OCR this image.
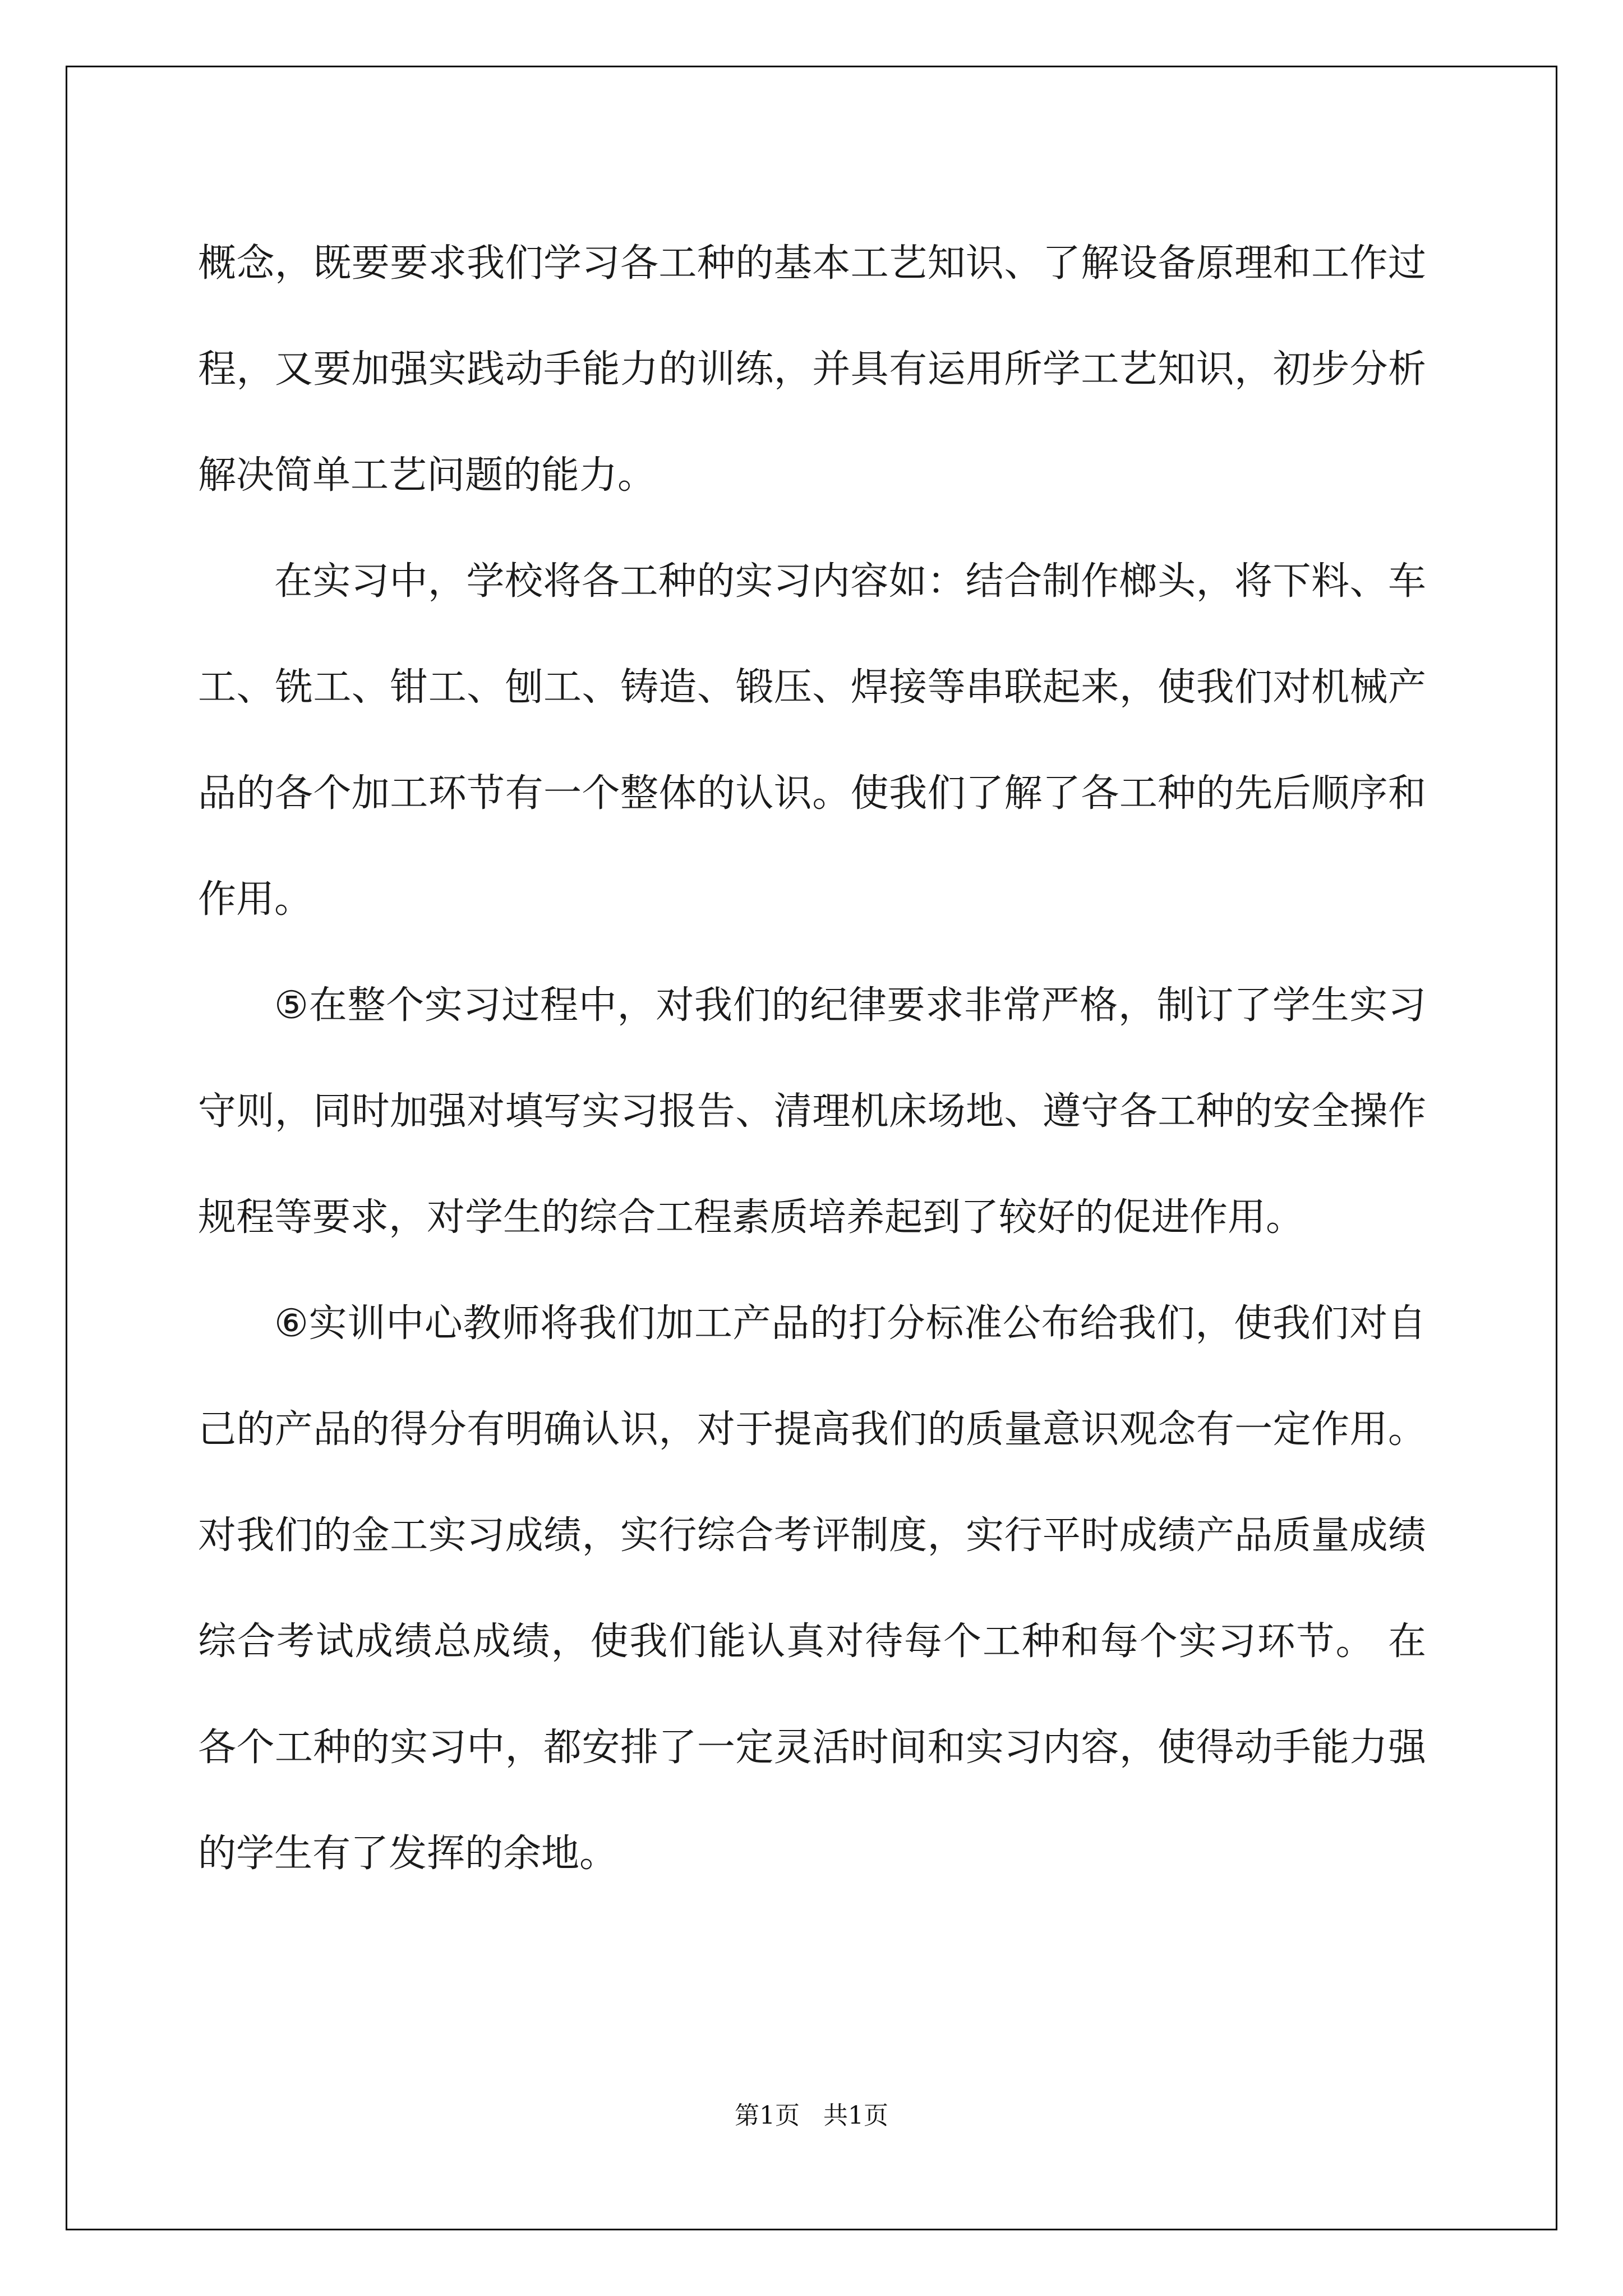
概念，既要要求我们学习各工种的基本工艺知识、了解设备原理和工作过程，又要加强实践动手能力的训练，并具有运用所学工艺知识，初步分析解决简单工艺问题的能力。

在实习中，学校将各工种的实习内容如：结合制作榔头，将下料、车工、铣工、钳工、刨工、铸造、锻压、焊接等串联起来，使我们对机械产品的各个加工环节有一个整体的认识。使我们了解了各工种的先后顺序和作用。

⑤在整个实习过程中，对我们的纪律要求非常严格，制订了学生实习守则，同时加强对填写实习报告、清理机床场地、遵守各工种的安全操作规程等要求，对学生的综合工程素质培养起到了较好的促进作用。

⑥实训中心教师将我们加工产品的打分标准公布给我们，使我们对自己的产品的得分有明确认识，对于提高我们的质量意识观念有一定作用。对我们的金工实习成绩，实行综合考评制度，实行平时成绩产品质量成绩综合考试成绩总成绩，使我们能认真对待每个工种和每个实习环节。 在各个工种的实习中，都安排了一定灵活时间和实习内容，使得动手能力强的学生有了发挥的余地。

第1页   共1页
